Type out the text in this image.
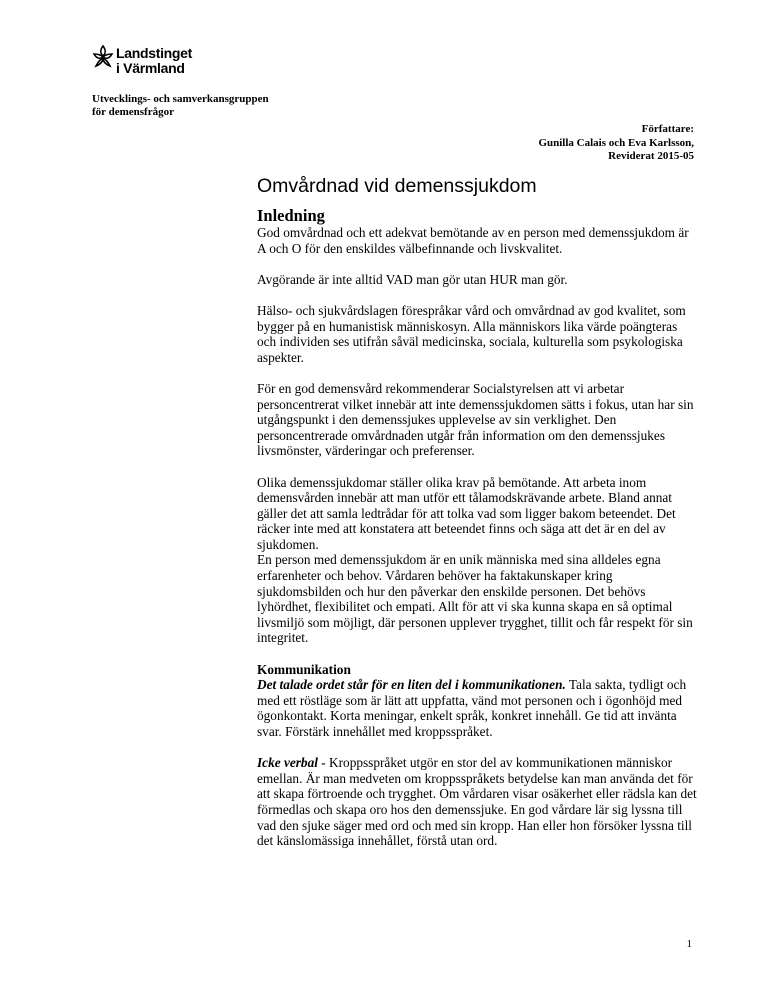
Landstinget
i Värmland
Utvecklings- och samverkansgruppen
för demensfrågor
Författare:
Gunilla Calais och Eva Karlsson,
Reviderat 2015-05
Omvårdnad vid demenssjukdom
Inledning

God omvårdnad och ett adekvat bemötande av en person med demenssjukdom är A och O för den enskildes välbefinnande och livskvalitet.

Avgörande är inte alltid VAD man gör utan HUR man gör.

Hälso- och sjukvårdslagen förespråkar vård och omvårdnad av god kvalitet, som bygger på en humanistisk människosyn. Alla människors lika värde poängteras och individen ses utifrån såväl medicinska, sociala, kulturella som psykologiska aspekter.

För en god demensvård rekommenderar Socialstyrelsen att vi arbetar personcentrerat vilket innebär att inte demenssjukdomen sätts i fokus, utan har sin utgångspunkt i den demenssjukes upplevelse av sin verklighet. Den personcentrerade omvårdnaden utgår från information om den demenssjukes livsmönster, värderingar och preferenser.

Olika demenssjukdomar ställer olika krav på bemötande. Att arbeta inom demensvården innebär att man utför ett tålamodskrävande arbete. Bland annat gäller det att samla ledtrådar för att tolka vad som ligger bakom beteendet. Det räcker inte med att konstatera att beteendet finns och säga att det är en del av sjukdomen.

En person med demenssjukdom är en unik människa med sina alldeles egna erfarenheter och behov. Vårdaren behöver ha faktakunskaper kring sjukdomsbilden och hur den påverkar den enskilde personen. Det behövs lyhördhet, flexibilitet och empati. Allt för att vi ska kunna skapa en så optimal livsmiljö som möjligt, där personen upplever trygghet, tillit och får respekt för sin integritet.

Kommunikation

Det talade ordet står för en liten del i kommunikationen. Tala sakta, tydligt och med ett röstläge som är lätt att uppfatta, vänd mot personen och i ögonhöjd med ögonkontakt. Korta meningar, enkelt språk, konkret innehåll. Ge tid att invänta svar. Förstärk innehållet med kroppsspråket.

Icke verbal - Kroppsspråket utgör en stor del av kommunikationen människor emellan. Är man medveten om kroppsspråkets betydelse kan man använda det för att skapa förtroende och trygghet. Om vårdaren visar osäkerhet eller rädsla kan det förmedlas och skapa oro hos den demenssjuke. En god vårdare lär sig lyssna till vad den sjuke säger med ord och med sin kropp. Han eller hon försöker lyssna till det känslomässiga innehållet, förstå utan ord.

1
